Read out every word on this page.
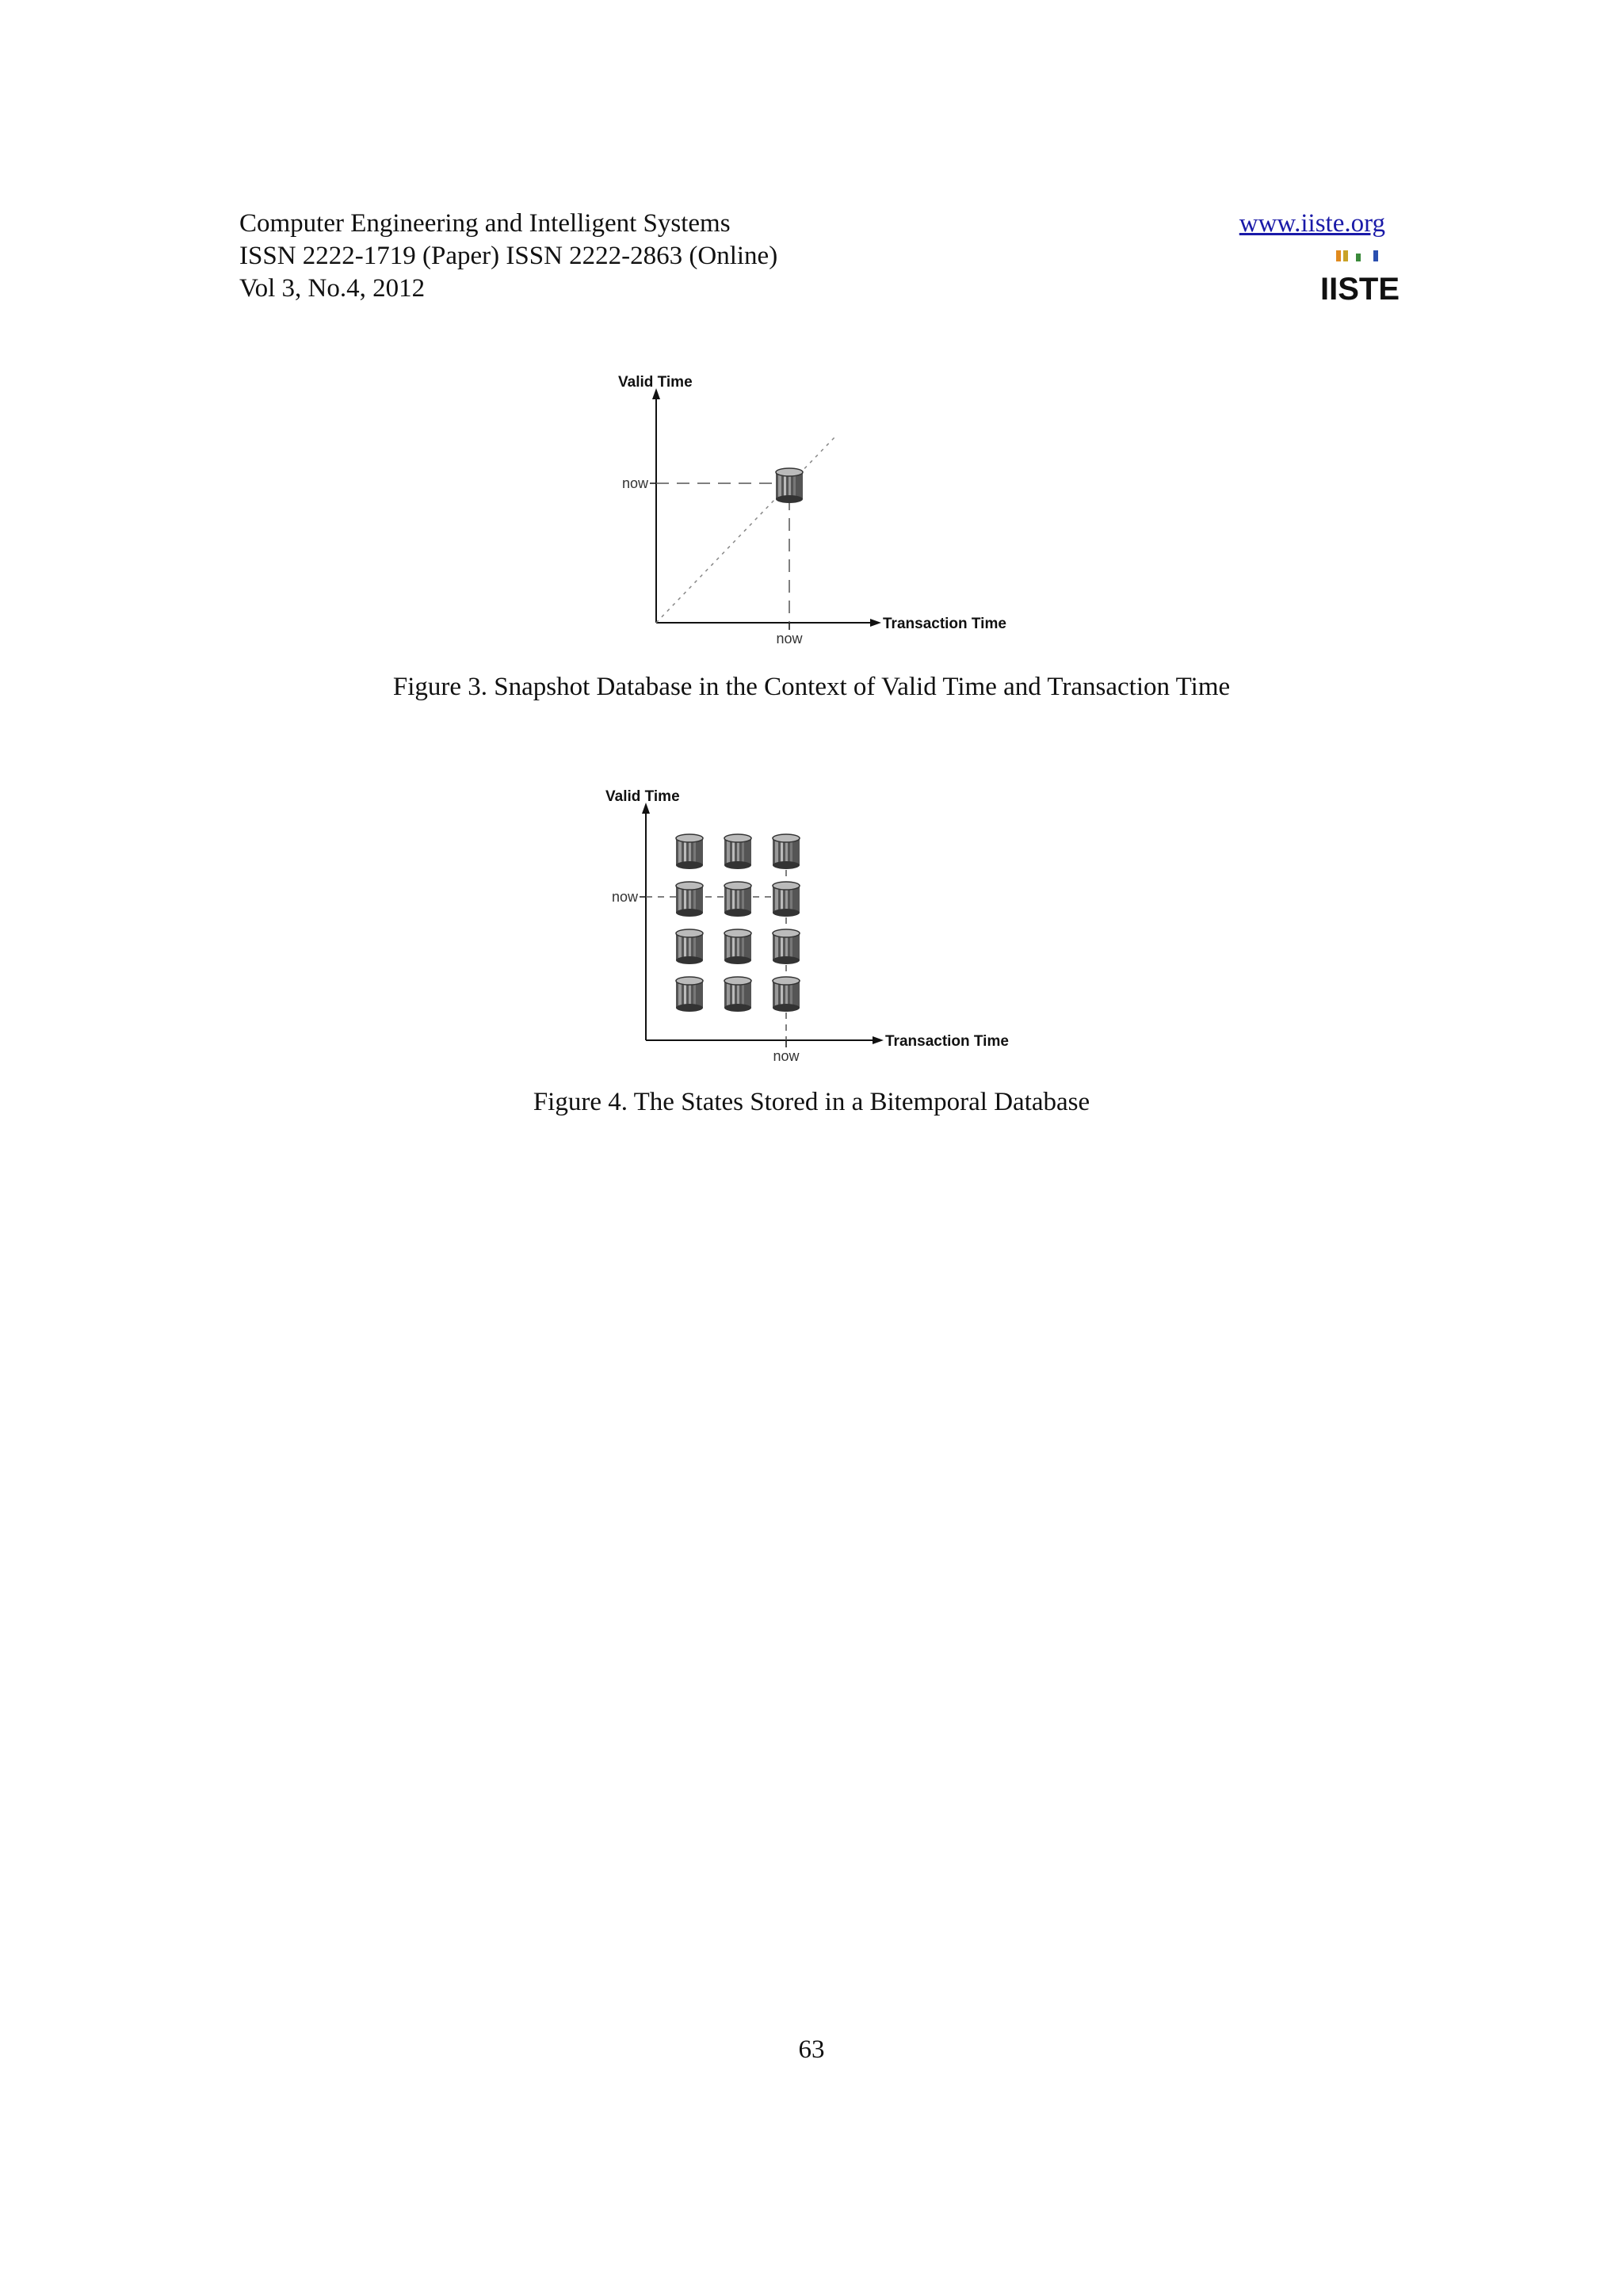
Computer Engineering and Intelligent Systems
ISSN 2222-1719 (Paper) ISSN 2222-2863 (Online)
Vol 3, No.4, 2012
www.iiste.org
IISTE
Valid Time
Transaction Time
now
now
Figure 3. Snapshot Database in the Context of Valid Time and Transaction Time
Valid Time
Transaction Time
now
now
Figure 4. The States Stored in a Bitemporal Database
63
